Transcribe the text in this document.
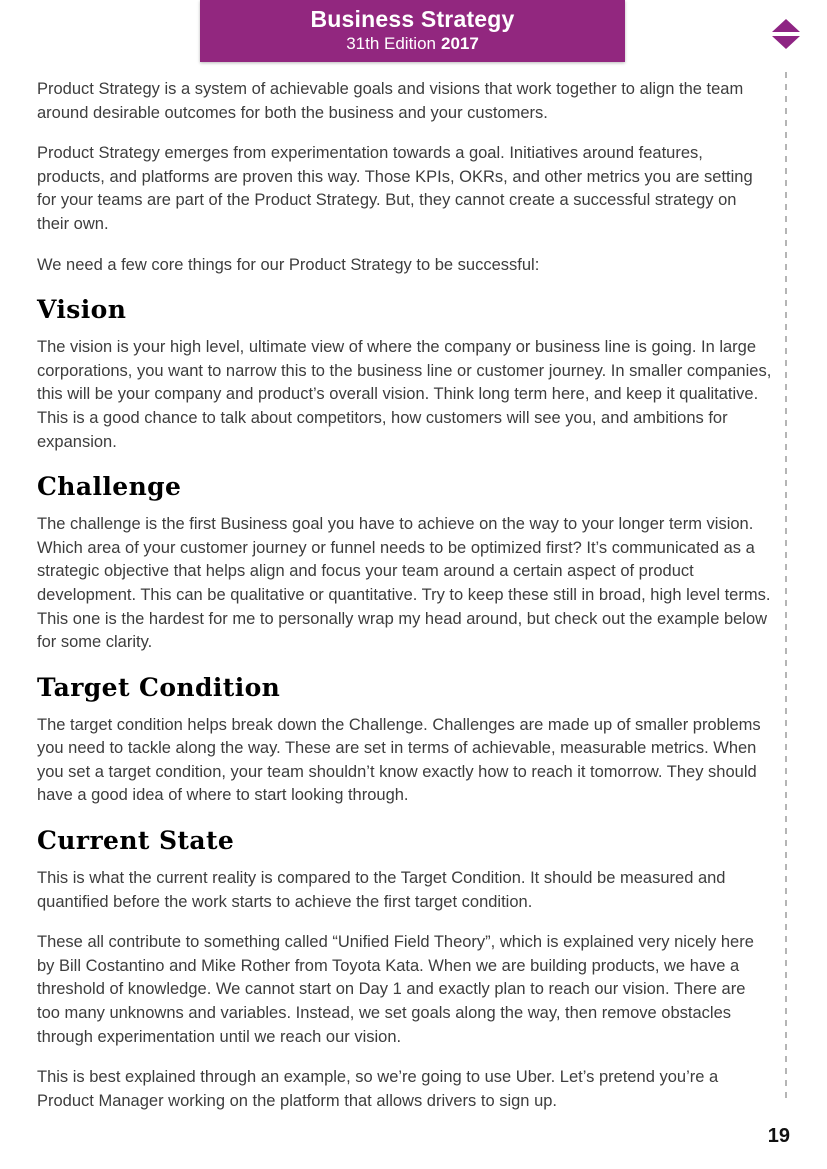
Business Strategy
31th Edition 2017

Product Strategy is a system of achievable goals and visions that work together to align the team around desirable outcomes for both the business and your customers.

Product Strategy emerges from experimentation towards a goal. Initiatives around features, products, and platforms are proven this way. Those KPIs, OKRs, and other metrics you are setting for your teams are part of the Product Strategy. But, they cannot create a successful strategy on their own.

We need a few core things for our Product Strategy to be successful:

Vision

The vision is your high level, ultimate view of where the company or business line is going. In large corporations, you want to narrow this to the business line or customer journey. In smaller companies, this will be your company and product’s overall vision. Think long term here, and keep it qualitative. This is a good chance to talk about competitors, how customers will see you, and ambitions for expansion.

Challenge

The challenge is the first Business goal you have to achieve on the way to your longer term vision. Which area of your customer journey or funnel needs to be optimized first? It’s communicated as a strategic objective that helps align and focus your team around a certain aspect of product development. This can be qualitative or quantitative. Try to keep these still in broad, high level terms. This one is the hardest for me to personally wrap my head around, but check out the example below for some clarity.

Target Condition

The target condition helps break down the Challenge. Challenges are made up of smaller problems you need to tackle along the way. These are set in terms of achievable, measurable metrics. When you set a target condition, your team shouldn’t know exactly how to reach it tomorrow. They should have a good idea of where to start looking through.

Current State

This is what the current reality is compared to the Target Condition. It should be measured and quantified before the work starts to achieve the first target condition.

These all contribute to something called “Unified Field Theory”, which is explained very nicely here by Bill Costantino and Mike Rother from Toyota Kata. When we are building products, we have a threshold of knowledge. We cannot start on Day 1 and exactly plan to reach our vision. There are too many unknowns and variables. Instead, we set goals along the way, then remove obstacles through experimentation until we reach our vision.

This is best explained through an example, so we’re going to use Uber. Let’s pretend you’re a Product Manager working on the platform that allows drivers to sign up.

19
